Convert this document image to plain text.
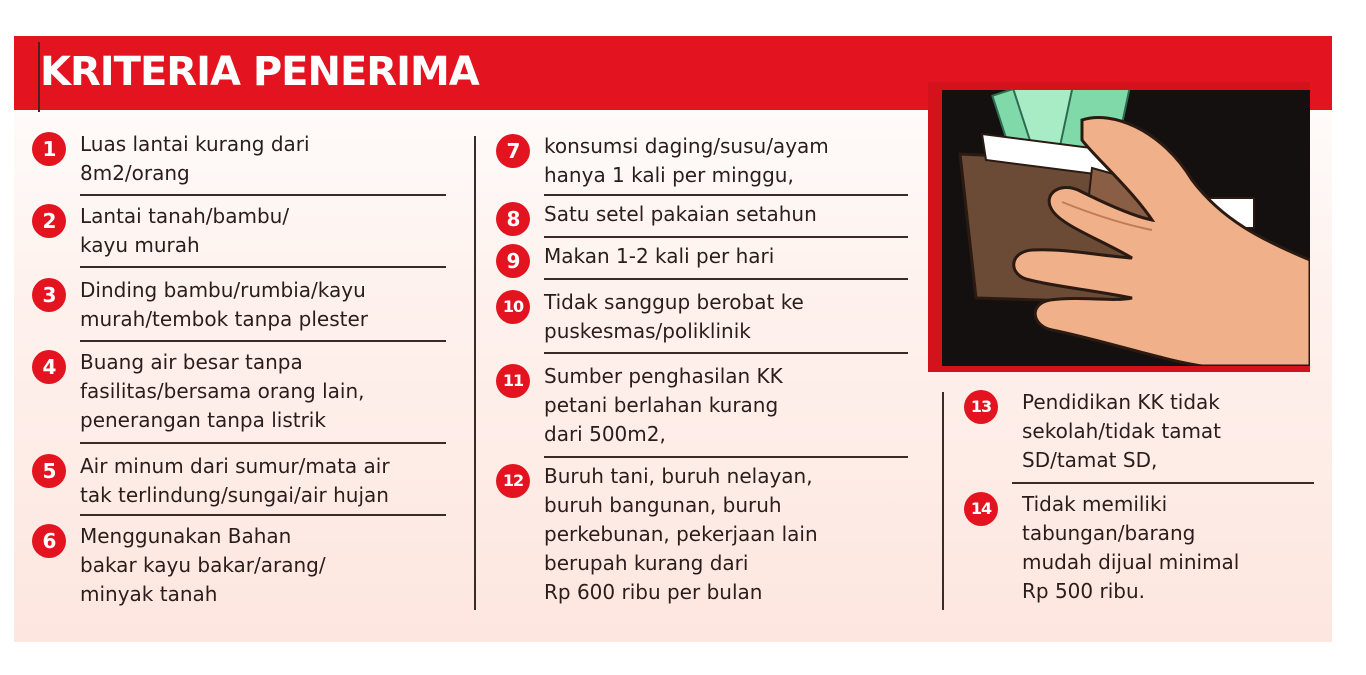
KRITERIA PENERIMA
1	Luas lantai kurang dari
8m2/orang
2	Lantai tanah/bambu/
kayu murah
3	Dinding bambu/rumbia/kayu
murah/tembok tanpa plester
4	Buang air besar tanpa
fasilitas/bersama orang lain,
penerangan tanpa listrik
5	Air minum dari sumur/mata air
tak terlindung/sungai/air hujan
6	Menggunakan Bahan
bakar kayu bakar/arang/
minyak tanah
7	konsumsi daging/susu/ayam
hanya 1 kali per minggu,
8	Satu setel pakaian setahun
9	Makan 1-2 kali per hari
10	Tidak sanggup berobat ke
puskesmas/poliklinik
11	Sumber penghasilan KK
petani berlahan kurang
dari 500m2,
12	Buruh tani, buruh nelayan,
buruh bangunan, buruh
perkebunan, pekerjaan lain
berupah kurang dari
Rp 600 ribu per bulan
13	Pendidikan KK tidak
sekolah/tidak tamat
SD/tamat SD,
14	Tidak memiliki
tabungan/barang
mudah dijual minimal
Rp 500 ribu.
